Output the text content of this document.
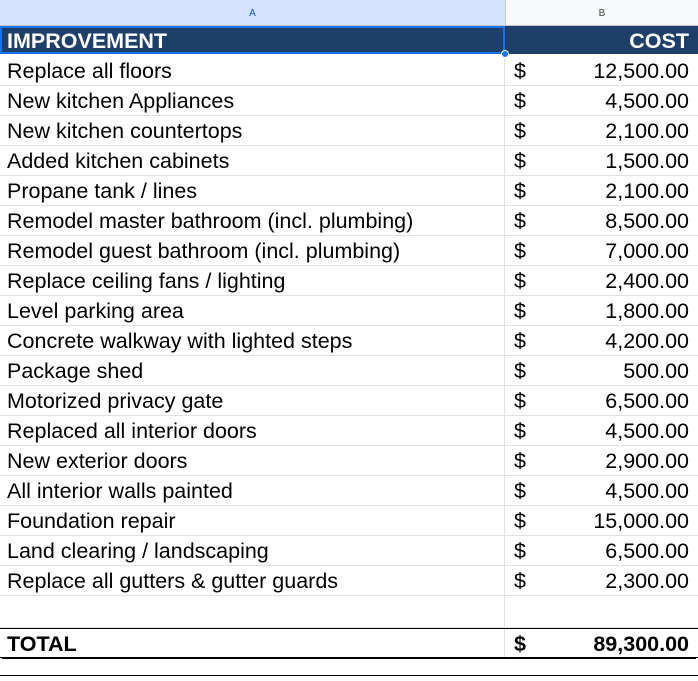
A	B
IMPROVEMENT	COST
Replace all floors	$	12,500.00
New kitchen Appliances	$	4,500.00
New kitchen countertops	$	2,100.00
Added kitchen cabinets	$	1,500.00
Propane tank / lines	$	2,100.00
Remodel master bathroom (incl. plumbing)	$	8,500.00
Remodel guest bathroom (incl. plumbing)	$	7,000.00
Replace ceiling fans / lighting	$	2,400.00
Level parking area	$	1,800.00
Concrete walkway with lighted steps	$	4,200.00
Package shed	$	500.00
Motorized privacy gate	$	6,500.00
Replaced all interior doors	$	4,500.00
New exterior doors	$	2,900.00
All interior walls painted	$	4,500.00
Foundation repair	$	15,000.00
Land clearing / landscaping	$	6,500.00
Replace all gutters & gutter guards	$	2,300.00
TOTAL	$	89,300.00
